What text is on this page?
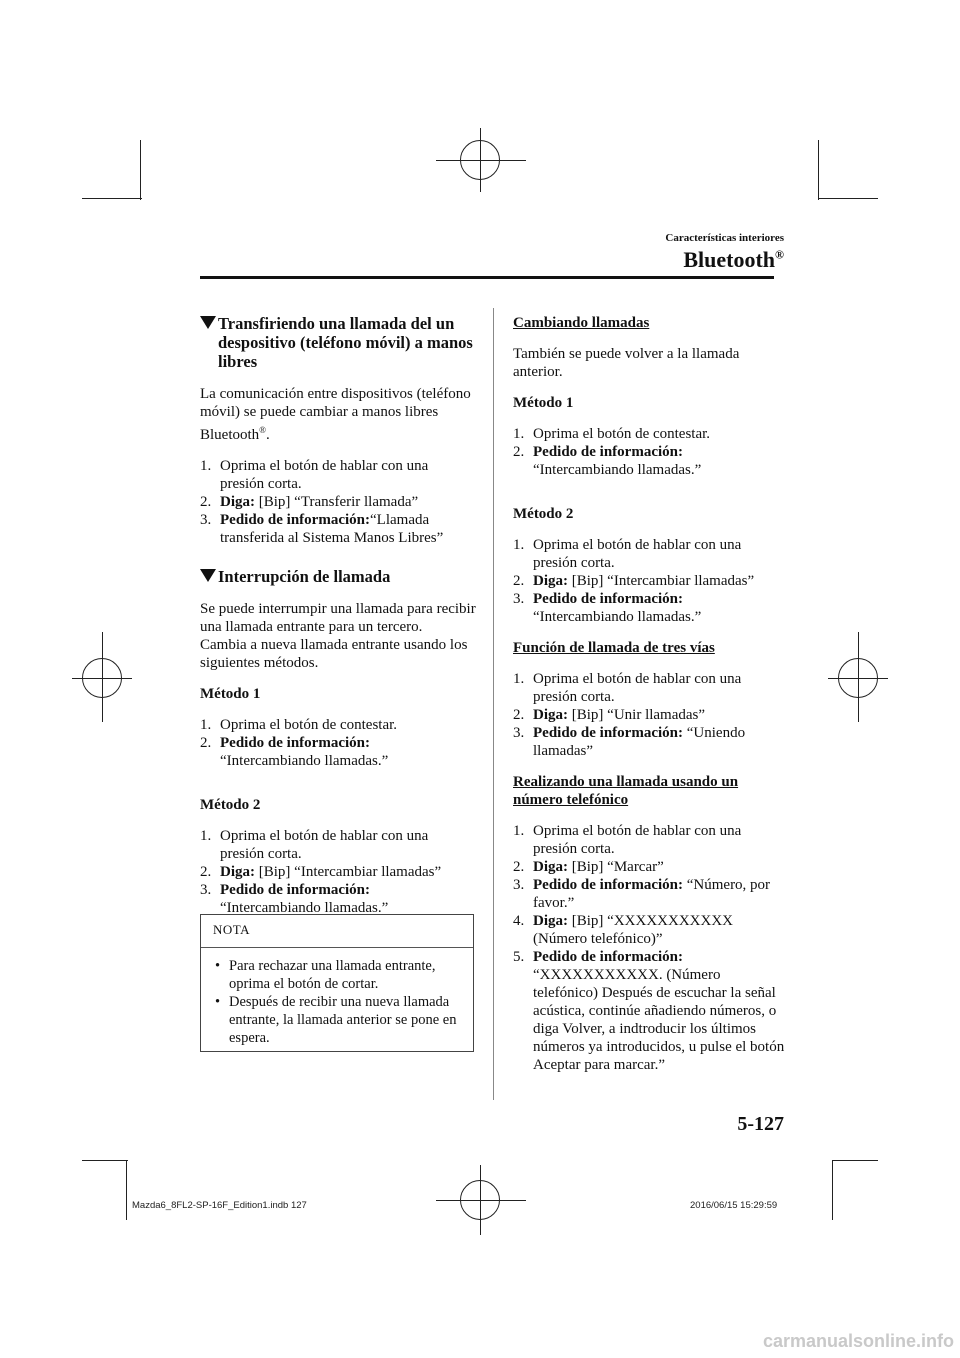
Características interiores
Bluetooth®
Transfiriendo una llamada del un despositivo (teléfono móvil) a manos libres

La comunicación entre dispositivos (teléfono móvil) se puede cambiar a manos libres Bluetooth®.

1. Oprima el botón de hablar con una presión corta.
2. Diga: [Bip] “Transferir llamada”
3. Pedido de información:“Llamada transferida al Sistema Manos Libres”
Interrupción de llamada

Se puede interrumpir una llamada para recibir una llamada entrante para un tercero.

Cambia a nueva llamada entrante usando los siguientes métodos.

Método 1

1. Oprima el botón de contestar.
2. Pedido de información:
“Intercambiando llamadas.”

Método 2

1. Oprima el botón de hablar con una presión corta.
2. Diga: [Bip] “Intercambiar llamadas”
3. Pedido de información:
“Intercambiando llamadas.”
NOTA
• Para rechazar una llamada entrante, oprima el botón de cortar.
• Después de recibir una nueva llamada entrante, la llamada anterior se pone en espera.

Cambiando llamadas

También se puede volver a la llamada anterior.

Método 1

1. Oprima el botón de contestar.
2. Pedido de información:
“Intercambiando llamadas.”

Método 2

1. Oprima el botón de hablar con una presión corta.
2. Diga: [Bip] “Intercambiar llamadas”
3. Pedido de información:
“Intercambiando llamadas.”

Función de llamada de tres vías

1. Oprima el botón de hablar con una presión corta.
2. Diga: [Bip] “Unir llamadas”
3. Pedido de información: “Uniendo llamadas”

Realizando una llamada usando un número telefónico

1. Oprima el botón de hablar con una presión corta.
2. Diga: [Bip] “Marcar”
3. Pedido de información: “Número, por favor.”
4. Diga: [Bip] “XXXXXXXXXXX (Número telefónico)”
5. Pedido de información:
“XXXXXXXXXXX. (Número telefónico) Después de escuchar la señal acústica, continúe añadiendo números, o diga Volver, a indtroducir los últimos números ya introducidos, u pulse el botón Aceptar para marcar.”
5-127
Mazda6_8FL2-SP-16F_Edition1.indb 127	2016/06/15 15:29:59
carmanualsonline.info
